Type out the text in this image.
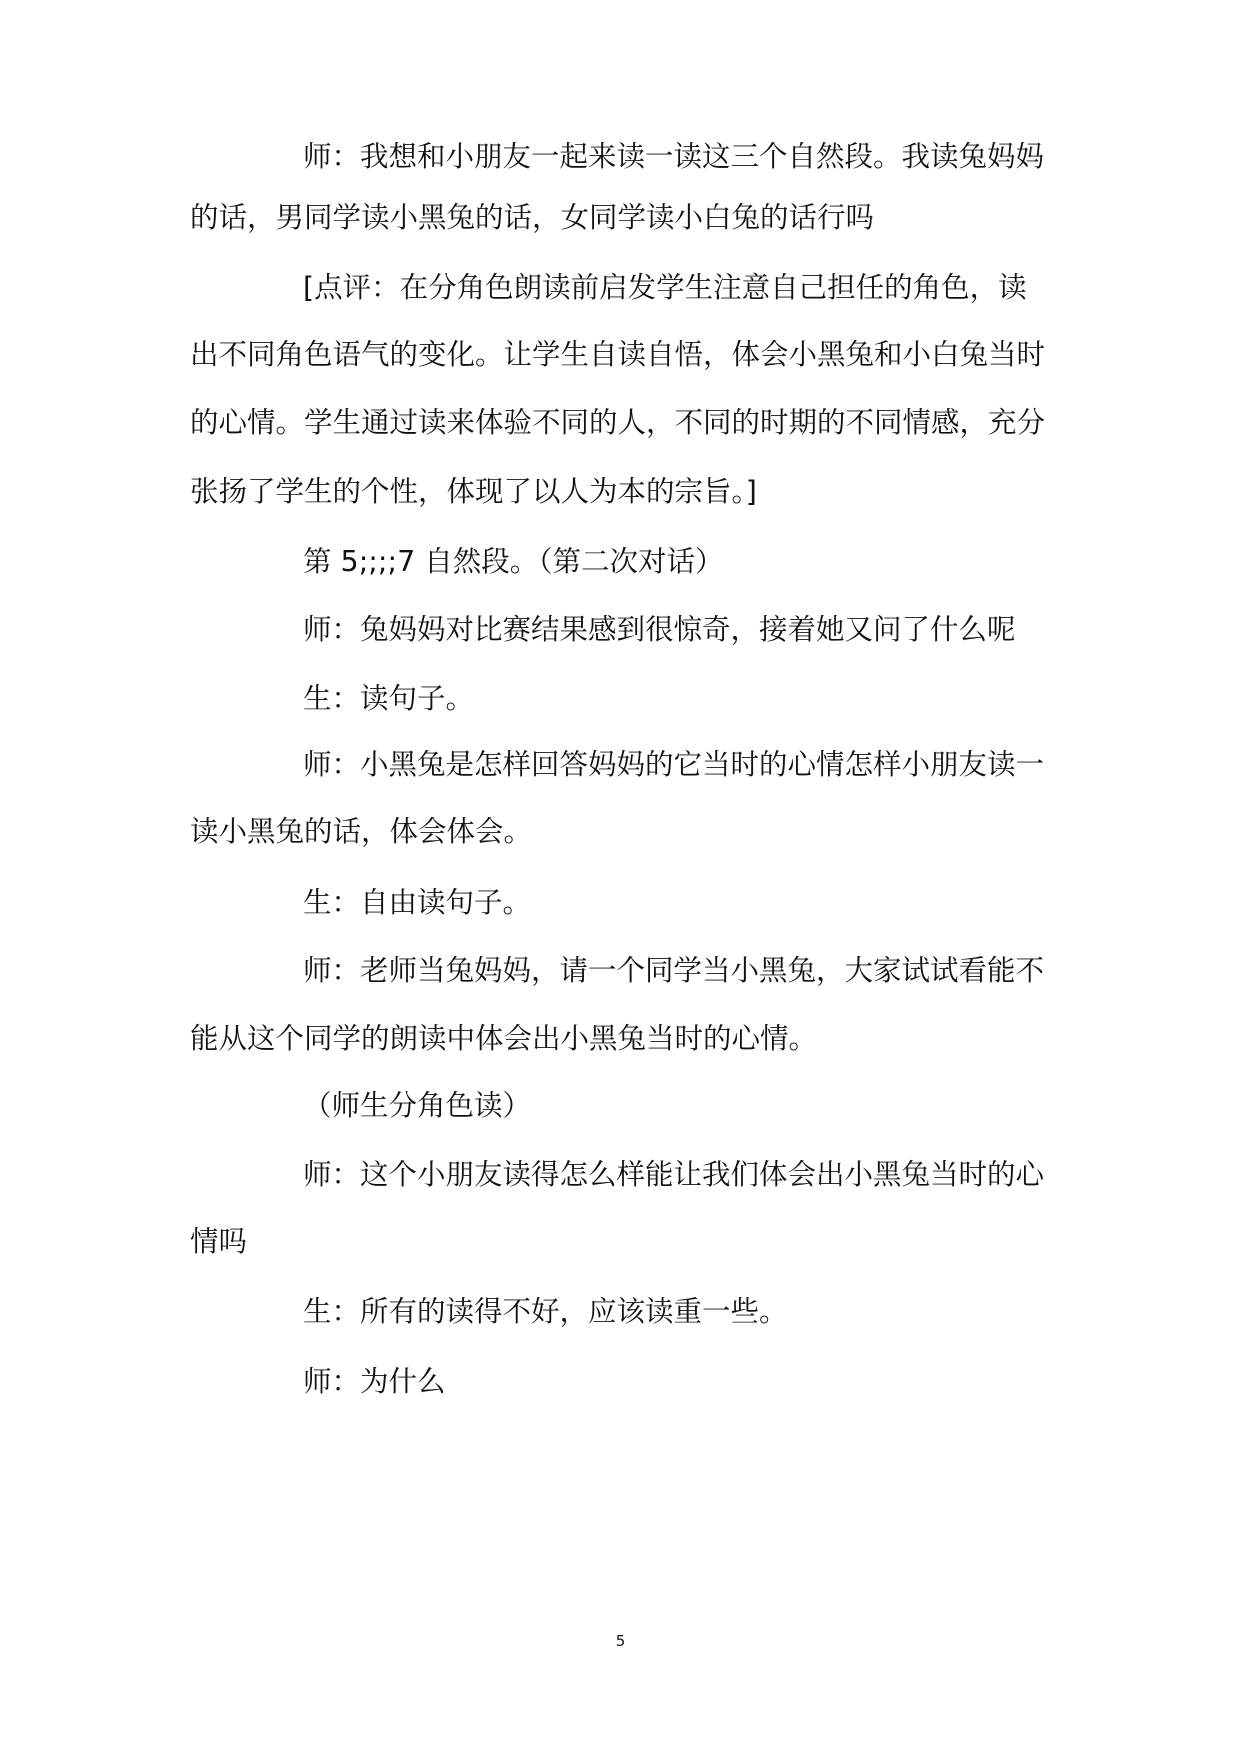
师：我想和小朋友一起来读一读这三个自然段。我读兔妈妈
的话，男同学读小黑兔的话，女同学读小白兔的话行吗
[点评：在分角色朗读前启发学生注意自己担任的角色，读
出不同角色语气的变化。让学生自读自悟，体会小黑兔和小白兔当时
的心情。学生通过读来体验不同的人，不同的时期的不同情感，充分
张扬了学生的个性，体现了以人为本的宗旨。]
第 5;;;;7 自然段。（第二次对话）
师：兔妈妈对比赛结果感到很惊奇，接着她又问了什么呢
生：读句子。
师：小黑兔是怎样回答妈妈的它当时的心情怎样小朋友读一
读小黑兔的话，体会体会。
生：自由读句子。
师：老师当兔妈妈，请一个同学当小黑兔，大家试试看能不
能从这个同学的朗读中体会出小黑兔当时的心情。
（师生分角色读）
师：这个小朋友读得怎么样能让我们体会出小黑兔当时的心
情吗
生：所有的读得不好，应该读重一些。
师：为什么
5
